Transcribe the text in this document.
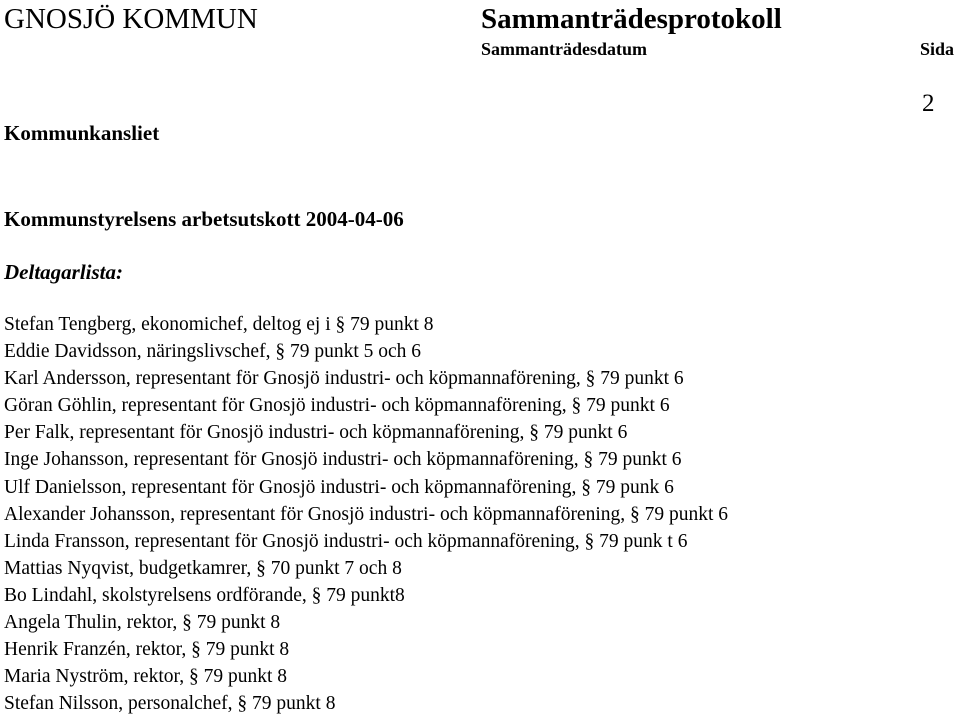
GNOSJÖ KOMMUN	Sammanträdesprotokoll
Sammanträdesdatum	Sida
2
Kommunkansliet
Kommunstyrelsens arbetsutskott 2004-04-06
Deltagarlista:
Stefan Tengberg, ekonomichef, deltog ej i § 79 punkt 8
Eddie Davidsson, näringslivschef, § 79 punkt 5 och 6
Karl Andersson, representant för Gnosjö industri- och köpmannaförening, § 79 punkt 6
Göran Göhlin, representant för Gnosjö industri- och köpmannaförening, § 79 punkt 6
Per Falk, representant för Gnosjö industri- och köpmannaförening, § 79 punkt 6
Inge Johansson, representant för Gnosjö industri- och köpmannaförening, § 79 punkt 6
Ulf Danielsson, representant för Gnosjö industri- och köpmannaförening, § 79 punk 6
Alexander Johansson, representant för Gnosjö industri- och köpmannaförening, § 79 punkt 6
Linda Fransson, representant för Gnosjö industri- och köpmannaförening, § 79 punk t 6
Mattias Nyqvist, budgetkamrer, § 70 punkt 7 och 8
Bo Lindahl, skolstyrelsens ordförande, § 79 punkt8
Angela Thulin, rektor, § 79 punkt 8
Henrik Franzén, rektor, § 79 punkt 8
Maria Nyström, rektor, § 79 punkt 8
Stefan Nilsson, personalchef, § 79 punkt 8
